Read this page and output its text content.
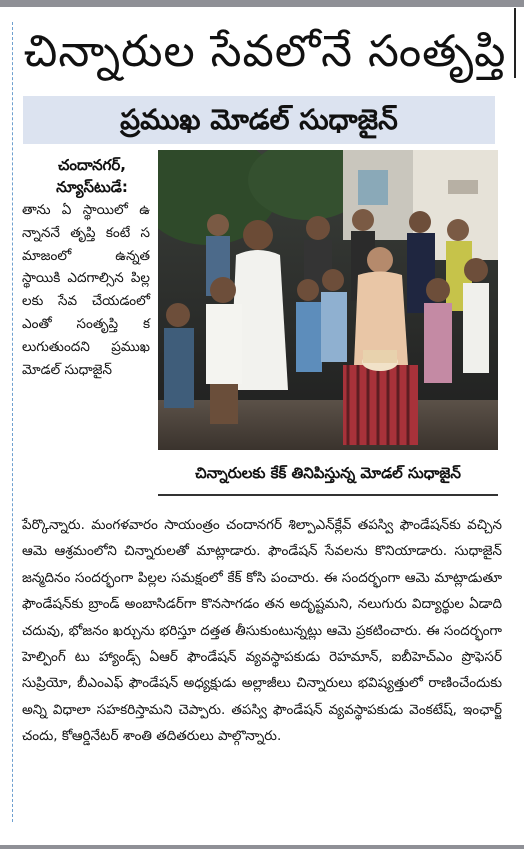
చిన్నారుల సేవలోనే సంతృప్తి
ప్రముఖ మోడల్‌ సుధాజైన్‌
చందానగర్,
న్యూస్‌టుడే:

తాను ఏ స్థాయిలో ఉన్నాననే తృప్తి కంటే సమాజంలో ఉన్నత స్థాయికి ఎదగాల్సిన పిల్లలకు సేవ చేయడంలో ఎంతో సంతృప్తి కలుగుతుందని ప్రముఖ మోడల్‌ సుధాజైన్‌

చిన్నారులకు కేక్‌ తినిపిస్తున్న మోడల్‌ సుధాజైన్‌

పేర్కొన్నారు. మంగళవారం సాయంత్రం చందానగర్‌ శిల్పాఎన్‌క్లేవ్‌ తపస్వి ఫౌండేషన్‌కు వచ్చిన ఆమె ఆశ్రమంలోని చిన్నారులతో మాట్లాడారు. ఫౌండేషన్‌ సేవలను కొనియాడారు. సుధాజైన్‌ జన్మదినం సందర్భంగా పిల్లల సమక్షంలో కేక్‌ కోసి పంచారు. ఈ సందర్భంగా ఆమె మాట్లాడుతూ ఫౌండేషన్‌కు బ్రాండ్‌ అంబాసిడర్‌గా కొనసాగడం తన అదృష్టమని, నలుగురు విద్యార్థుల ఏడాది చదువు, భోజనం ఖర్చును భరిస్తూ దత్తత తీసుకుంటున్నట్లు ఆమె ప్రకటించారు. ఈ సందర్భంగా హెల్పింగ్‌ టు హ్యాండ్స్‌ ఏఆర్‌ ఫౌండేషన్‌ వ్యవస్థాపకుడు రెహమాన్‌, ఐబీహెచ్‌ఎం ప్రొఫెసర్‌ సుప్రియో, బీఎంఎఫ్‌ ఫౌండేషన్‌ అధ్యక్షుడు అల్లాజీలు చిన్నారులు భవిష్యత్తులో రాణించేందుకు అన్ని విధాలా సహకరిస్తామని చెప్పారు. తపస్వి ఫౌండేషన్‌ వ్యవస్థాపకుడు వెంకటేష్‌, ఇంఛార్జ్‌ చందు, కోఆర్డినేటర్‌ శాంతి తదితరులు పాల్గొన్నారు.
